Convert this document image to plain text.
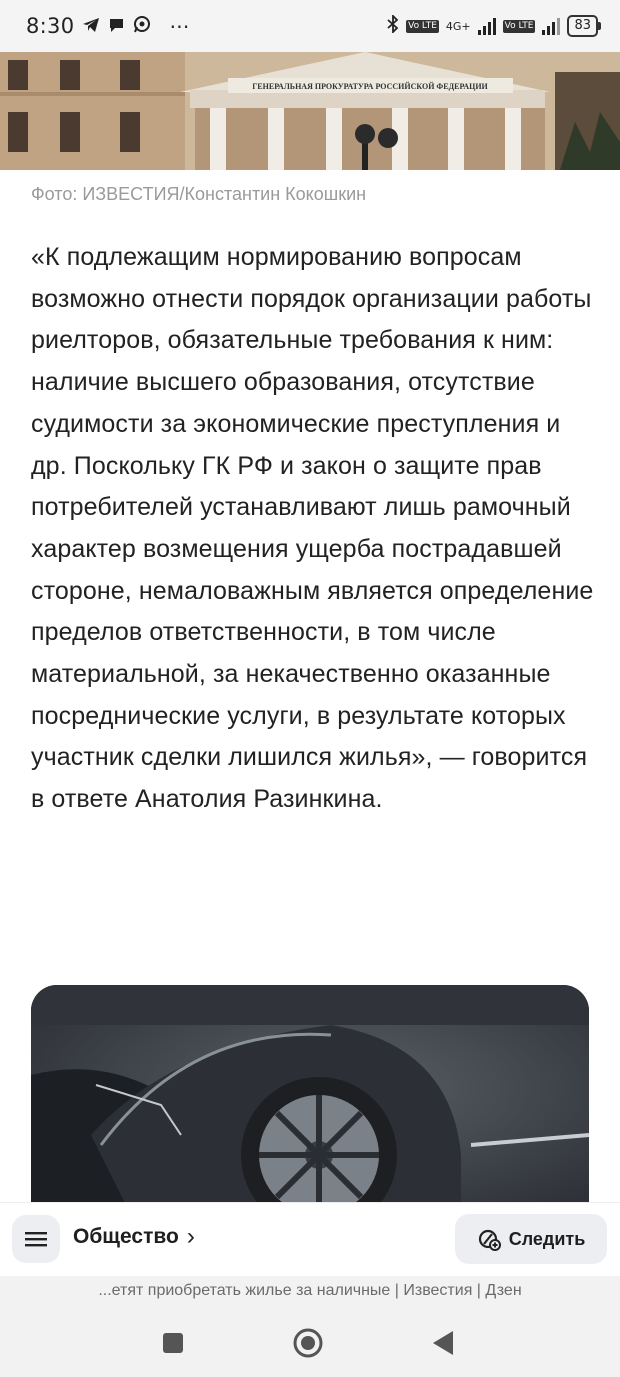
8:30	⋯	Vo LTE 4G+	Vo LTE	83
ГЕНЕРАЛЬНАЯ ПРОКУРАТУРА РОССИЙСКОЙ ФЕДЕРАЦИИ
Фото: ИЗВЕСТИЯ/Константин Кокошкин
«К подлежащим нормированию вопросам возможно отнести порядок организации работы риелторов, обязательные требования к ним: наличие высшего образования, отсутствие судимости за экономические преступления и др. Поскольку ГК РФ и закон о защите прав потребителей устанавливают лишь рамочный характер возмещения ущерба пострадавшей стороне, немаловажным является определение пределов ответственности, в том числе материальной, за некачественно оказанные посреднические услуги, в результате которых участник сделки лишился жилья», — говорится в ответе Анатолия Разинкина.
Общество ›	Следить
...етят приобретать жилье за наличные | Известия | Дзен
